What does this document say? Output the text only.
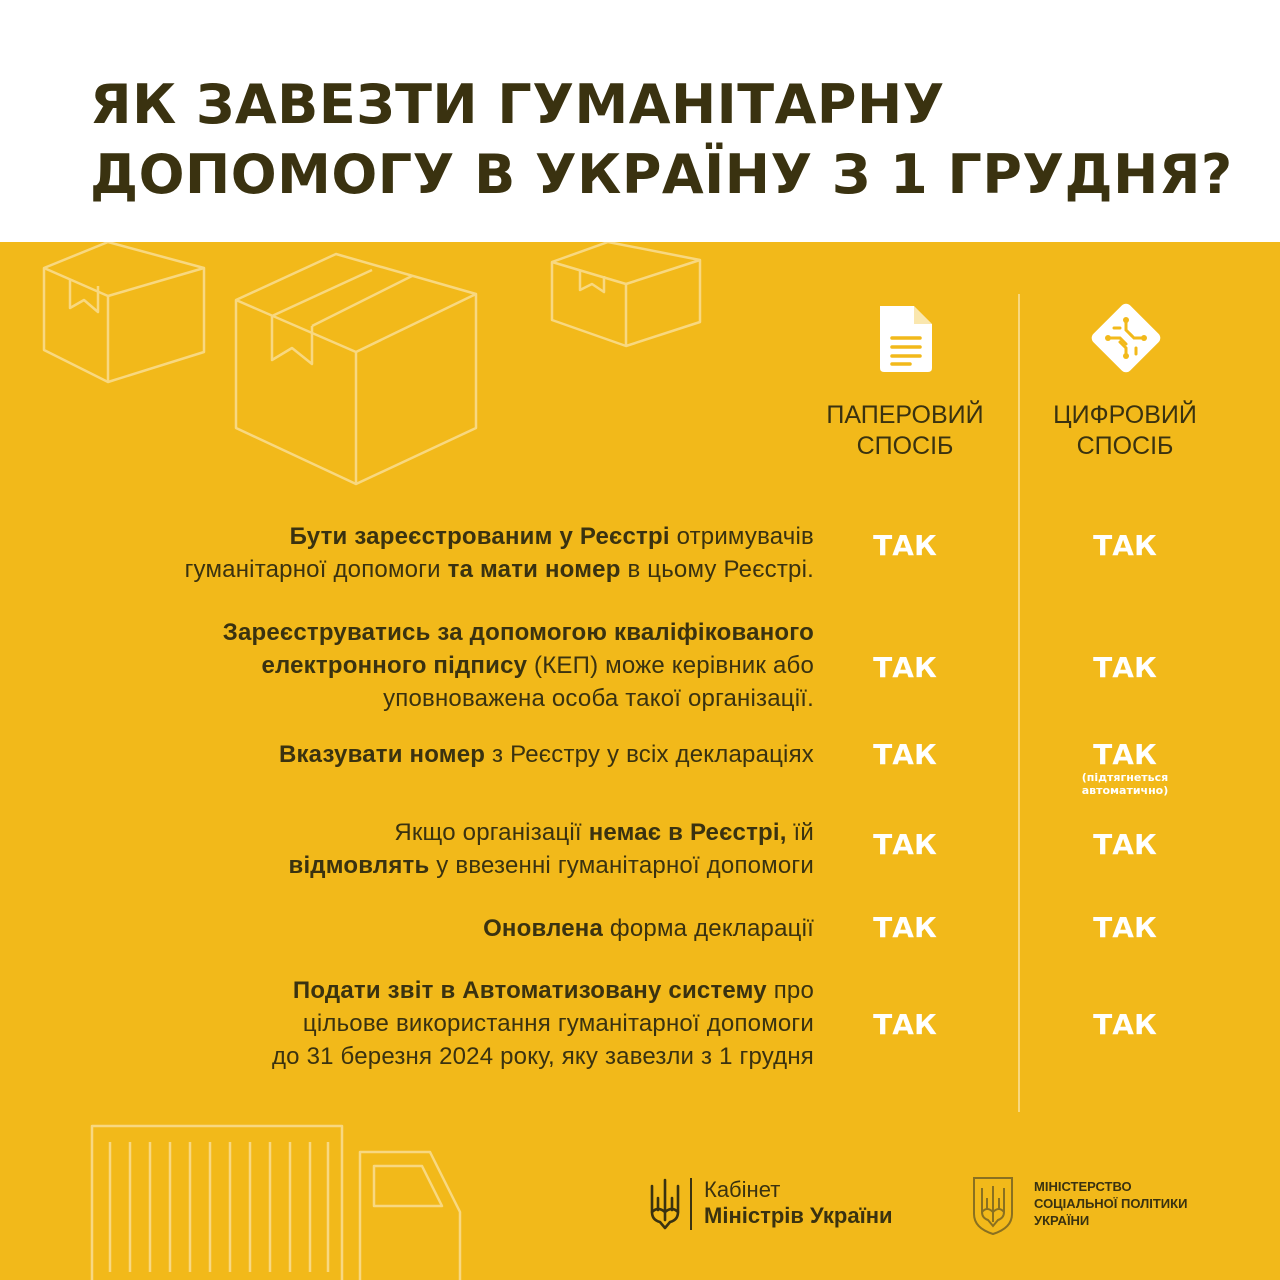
ЯК ЗАВЕЗТИ ГУМАНІТАРНУ
ДОПОМОГУ В УКРАЇНУ З 1 ГРУДНЯ?
ПАПЕРОВИЙ
СПОСІБ
ЦИФРОВИЙ
СПОСІБ
Бути зареєстрованим у Реєстрі отримувачів
гуманітарної допомоги та мати номер в цьому Реєстрі.
ТАК	ТАК
Зареєструватись за допомогою кваліфікованого
електронного підпису (КЕП) може керівник або
уповноважена особа такої організації.
ТАК	ТАК
Вказувати номер з Реєстру у всіх деклараціях	ТАК	ТАК
(підтягнеться
автоматично)
Якщо організації немає в Реєстрі, їй
відмовлять у ввезенні гуманітарної допомоги
ТАК	ТАК
Оновлена форма декларації	ТАК	ТАК
Подати звіт в Автоматизовану систему про
цільове використання гуманітарної допомоги
до 31 березня 2024 року, яку завезли з 1 грудня
ТАК	ТАК
Кабінет
Міністрів України
МІНІСТЕРСТВО
СОЦІАЛЬНОЇ ПОЛІТИКИ
УКРАЇНИ
